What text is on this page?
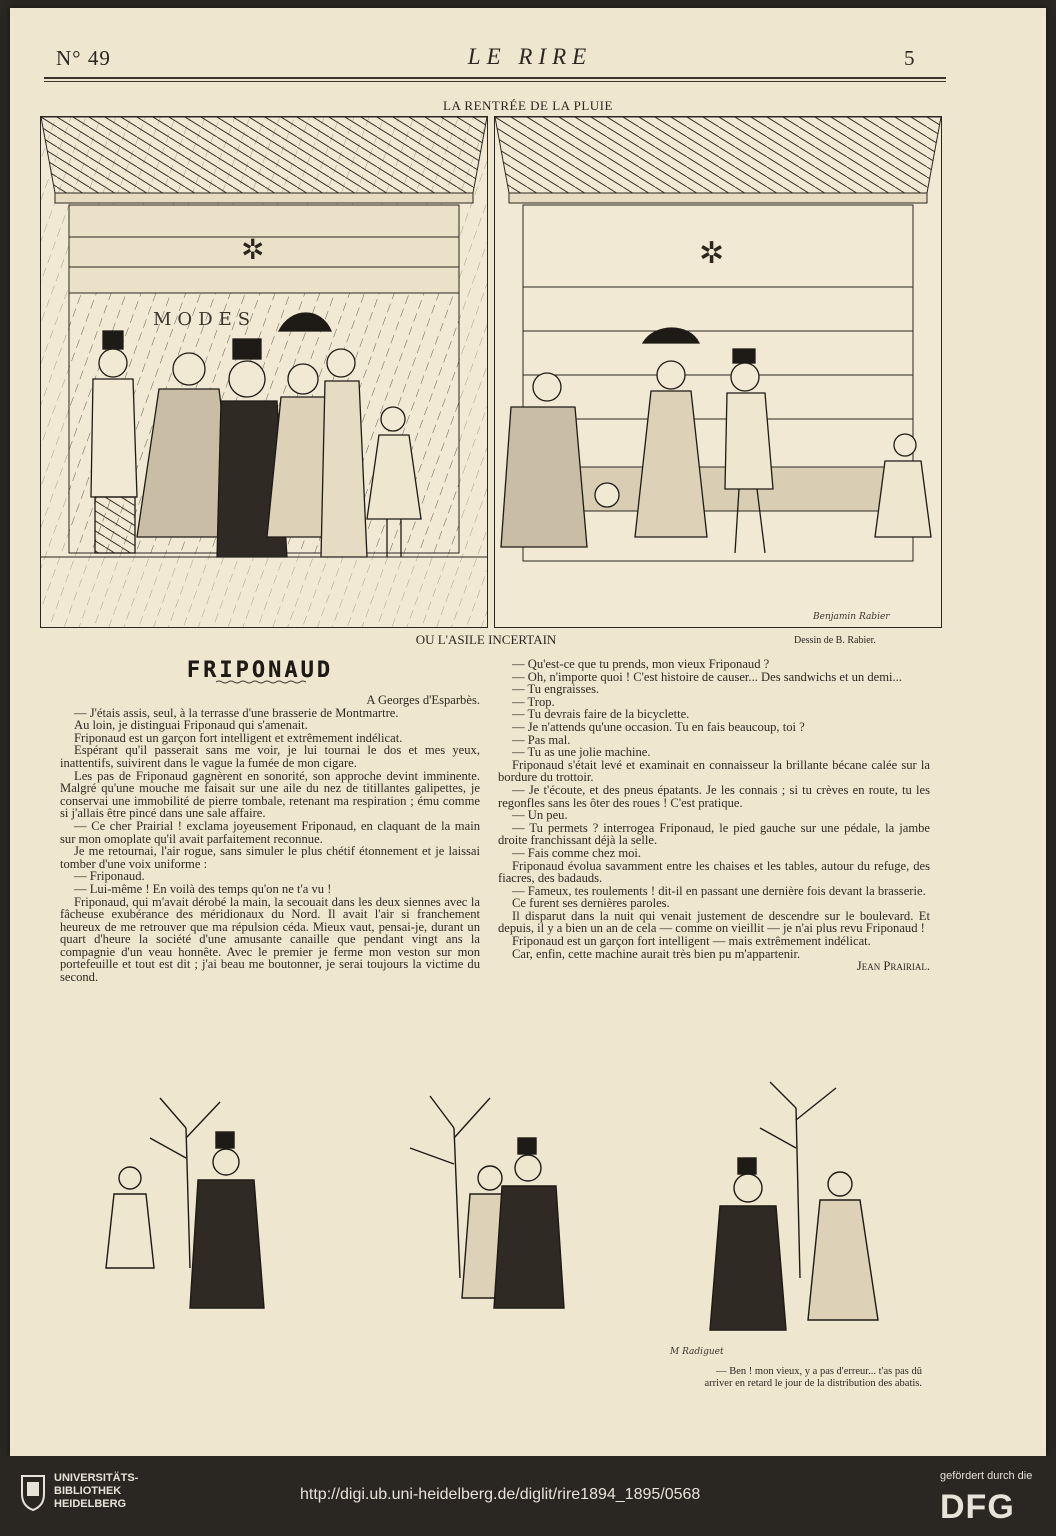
N° 49	LE RIRE	5
LA RENTRÉE DE LA PLUIE
✲
MODES
✲
Benjamin Rabier
OU L'ASILE INCERTAIN	Dessin de B. Rabier.
FRIPONAUD

A Georges d'Esparbès.

— J'étais assis, seul, à la terrasse d'une brasserie de Montmartre.

Au loin, je distinguai Friponaud qui s'amenait.

Friponaud est un garçon fort intelligent et extrêmement indélicat.

Espérant qu'il passerait sans me voir, je lui tournai le dos et mes yeux, inattentifs, suivirent dans le vague la fumée de mon cigare.

Les pas de Friponaud gagnèrent en sonorité, son approche devint imminente. Malgré qu'une mouche me faisait sur une aile du nez de titillantes galipettes, je conservai une immobilité de pierre tombale, retenant ma respiration ; ému comme si j'allais être pincé dans une sale affaire.

— Ce cher Prairial ! exclama joyeusement Friponaud, en claquant de la main sur mon omoplate qu'il avait parfaitement reconnue.

Je me retournai, l'air rogue, sans simuler le plus chétif étonnement et je laissai tomber d'une voix uniforme :

— Friponaud.

— Lui-même ! En voilà des temps qu'on ne t'a vu !

Friponaud, qui m'avait dérobé la main, la secouait dans les deux siennes avec la fâcheuse exubérance des méridionaux du Nord. Il avait l'air si franchement heureux de me retrouver que ma répulsion céda. Mieux vaut, pensai-je, durant un quart d'heure la société d'une amusante canaille que pendant vingt ans la compagnie d'un veau honnête. Avec le premier je ferme mon veston sur mon portefeuille et tout est dit ; j'ai beau me boutonner, je serai toujours la victime du second.

— Qu'est-ce que tu prends, mon vieux Friponaud ?

— Oh, n'importe quoi ! C'est histoire de causer... Des sandwichs et un demi...

— Tu engraisses.

— Trop.

— Tu devrais faire de la bicyclette.

— Je n'attends qu'une occasion. Tu en fais beaucoup, toi ?

— Pas mal.

— Tu as une jolie machine.

Friponaud s'était levé et examinait en connaisseur la brillante bécane calée sur la bordure du trottoir.

— Je t'écoute, et des pneus épatants. Je les connais ; si tu crèves en route, tu les regonfles sans les ôter des roues ! C'est pratique.

— Un peu.

— Tu permets ? interrogea Friponaud, le pied gauche sur une pédale, la jambe droite franchissant déjà la selle.

— Fais comme chez moi.

Friponaud évolua savamment entre les chaises et les tables, autour du refuge, des fiacres, des badauds.

— Fameux, tes roulements ! dit-il en passant une dernière fois devant la brasserie.

Ce furent ses dernières paroles.

Il disparut dans la nuit qui venait justement de descendre sur le boulevard. Et depuis, il y a bien un an de cela — comme on vieillit — je n'ai plus revu Friponaud !

Friponaud est un garçon fort intelligent — mais extrêmement indélicat.

Car, enfin, cette machine aurait très bien pu m'appartenir.

Jean Prairial.

M Radiguet
— Ben ! mon vieux, y a pas d'erreur... t'as pas dû
arriver en retard le jour de la distribution des abatis.
UNIVERSITÄTS-
BIBLIOTHEK
HEIDELBERG
http://digi.ub.uni-heidelberg.de/diglit/rire1894_1895/0568
gefördert durch die
DFG
